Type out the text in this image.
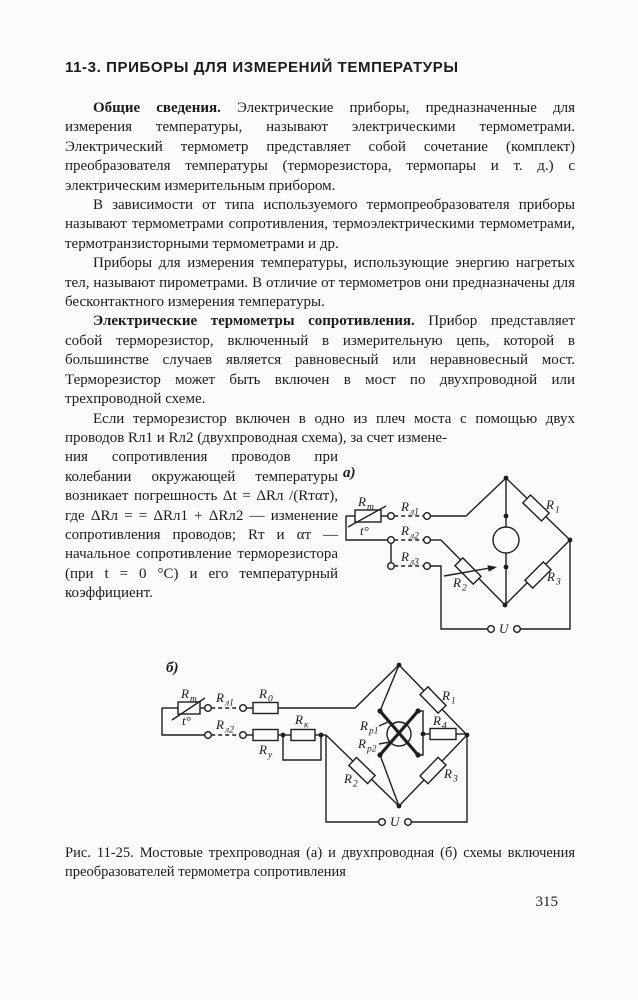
11-3. ПРИБОРЫ ДЛЯ ИЗМЕРЕНИЙ ТЕМПЕРАТУРЫ

Общие сведения. Электрические приборы, предназначенные для измерения температуры, называют электрическими термометрами. Электрический термометр представляет собой сочетание (комплект) преобразователя температуры (терморезистора, термопары и т. д.) с электрическим измерительным прибором.

В зависимости от типа используемого термопреобразователя приборы называют термометрами сопротивления, термоэлектрическими термометрами, термотранзисторными термометрами и др.

Приборы для измерения температуры, использующие энергию нагретых тел, называют пирометрами. В отличие от термометров они предназначены для бесконтактного измерения температуры.

Электрические термометры сопротивления. Прибор представляет собой терморезистор, включенный в измерительную цепь, которой в большинстве случаев является равновесный или неравновесный мост. Терморезистор может быть включен в мост по двухпроводной или трехпроводной схеме.

Если терморезистор включен в одно из плеч моста с помощью двух проводов Rл1 и Rл2 (двухпроводная схема), за счет измене-

ния сопротивления проводов при колебании окружающей температуры возникает погрешность Δt = ΔRл /(Rтαт), где ΔRл = = ΔRл1 + ΔRл2 — изменение сопротивления проводов; Rт и αт — начальное сопротивление терморезистора (при t = 0 °C) и его температурный коэффициент.

а)
R т
t°
R л1
R л2
R л3
R 1
R 3
R 2
U
б)
R т
t°
R л1
R 0
R л2
R у
R к	R p1
R p2
R 4
R 1
R 3
R 2
U

Рис. 11-25. Мостовые трехпроводная (а) и двухпроводная (б) схемы включения преобразователей термометра сопротивления

315
